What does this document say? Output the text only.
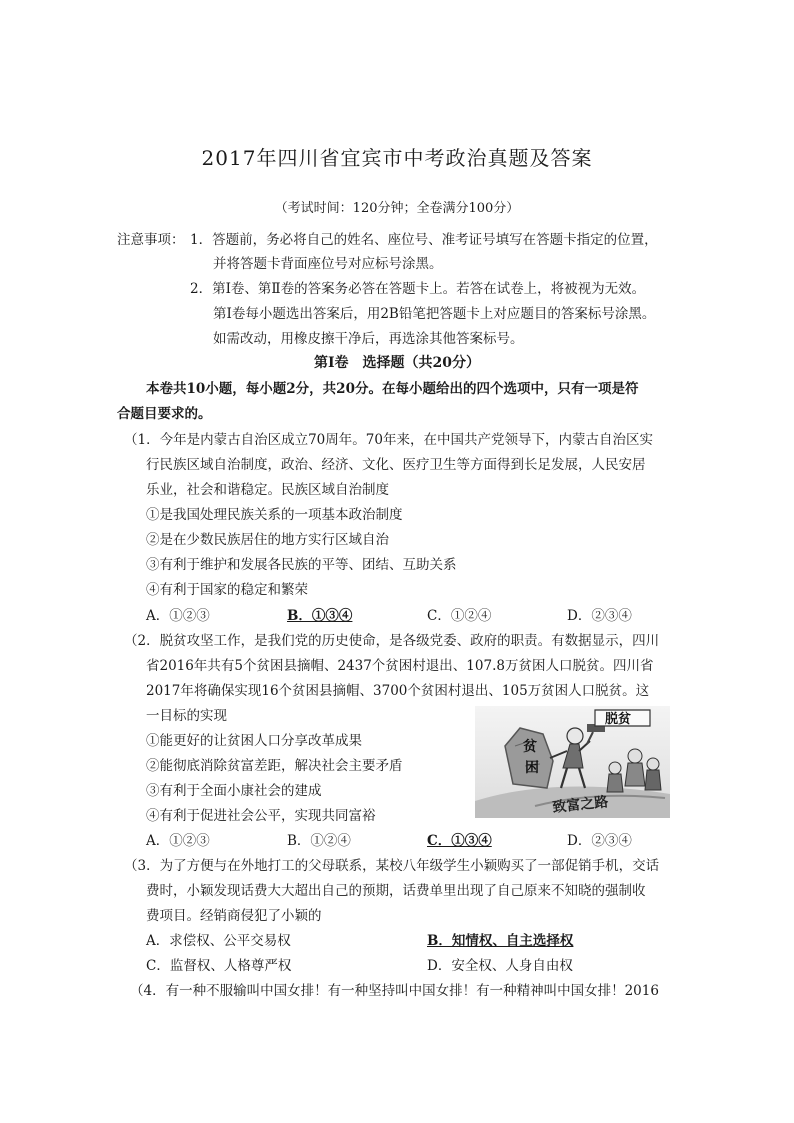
2017年四川省宜宾市中考政治真题及答案
（考试时间：120分钟；全卷满分100分）
注意事项： 1．答题前，务必将自己的姓名、座位号、准考证号填写在答题卡指定的位置，
并将答题卡背面座位号对应标号涂黑。
2．第Ⅰ卷、第Ⅱ卷的答案务必答在答题卡上。若答在试卷上，将被视为无效。
第Ⅰ卷每小题选出答案后，用2B铅笔把答题卡上对应题目的答案标号涂黑。
如需改动，用橡皮擦干净后，再选涂其他答案标号。
第Ⅰ卷　选择题（共20分）
本卷共10小题，每小题2分，共20分。在每小题给出的四个选项中，只有一项是符
合题目要求的。
（1．今年是内蒙古自治区成立70周年。70年来，在中国共产党领导下，内蒙古自治区实
行民族区域自治制度，政治、经济、文化、医疗卫生等方面得到长足发展，人民安居
乐业，社会和谐稳定。民族区域自治制度
①是我国处理民族关系的一项基本政治制度
②是在少数民族居住的地方实行区域自治
③有利于维护和发展各民族的平等、团结、互助关系
④有利于国家的稳定和繁荣
A．①②③	B．①③④	C．①②④	D．②③④
（2．脱贫攻坚工作，是我们党的历史使命，是各级党委、政府的职责。有数据显示，四川
省2016年共有5个贫困县摘帽、2437个贫困村退出、107.8万贫困人口脱贫。四川省
2017年将确保实现16个贫困县摘帽、3700个贫困村退出、105万贫困人口脱贫。这
一目标的实现
①能更好的让贫困人口分享改革成果
②能彻底消除贫富差距，解决社会主要矛盾
③有利于全面小康社会的建成
④有利于促进社会公平，实现共同富裕
贫
困
脱贫
致富之路
A．①②③	B．①②④	C．①③④	D．②③④
（3．为了方便与在外地打工的父母联系，某校八年级学生小颖购买了一部促销手机，交话
费时，小颖发现话费大大超出自己的预期，话费单里出现了自己原来不知晓的强制收
费项目。经销商侵犯了小颖的
A．求偿权、公平交易权	B．知情权、自主选择权
C．监督权、人格尊严权	D．安全权、人身自由权
（4．有一种不服输叫中国女排！有一种坚持叫中国女排！有一种精神叫中国女排！2016
